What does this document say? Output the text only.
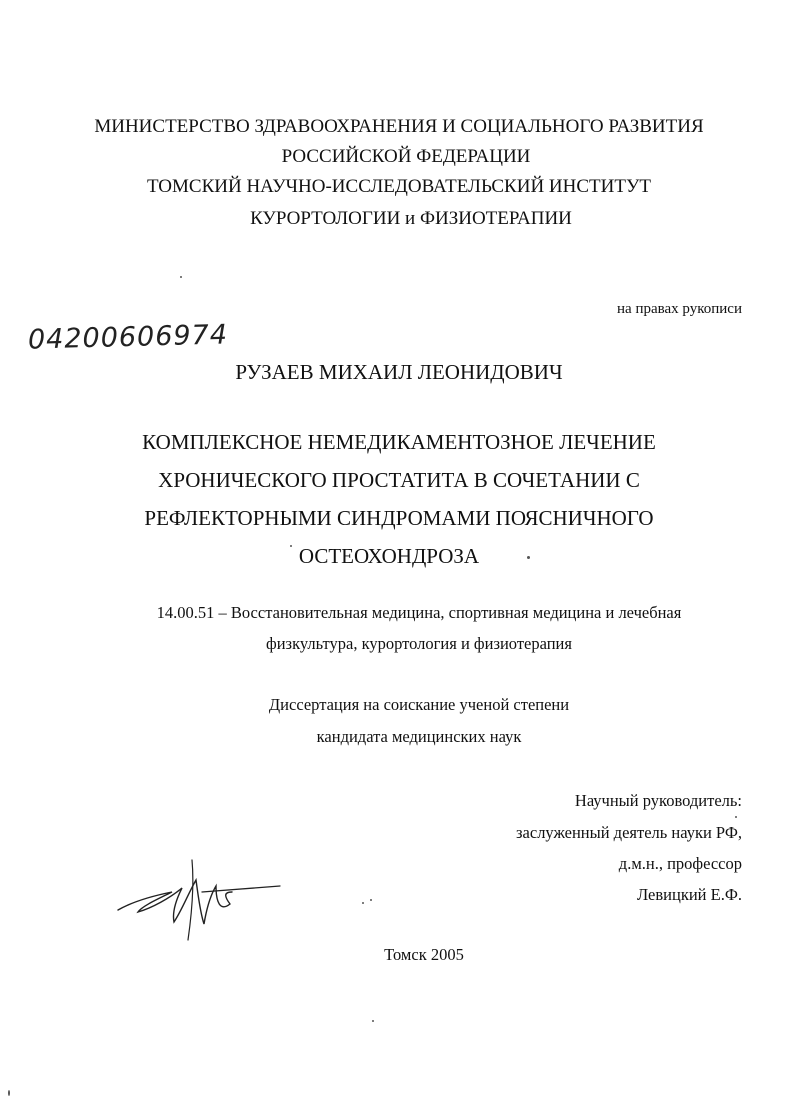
МИНИСТЕРСТВО ЗДРАВООХРАНЕНИЯ И СОЦИАЛЬНОГО РАЗВИТИЯ
РОССИЙСКОЙ ФЕДЕРАЦИИ
ТОМСКИЙ НАУЧНО-ИССЛЕДОВАТЕЛЬСКИЙ ИНСТИТУТ
КУРОРТОЛОГИИ и ФИЗИОТЕРАПИИ
на правах рукописи
04200606974
РУЗАЕВ МИХАИЛ ЛЕОНИДОВИЧ
КОМПЛЕКСНОЕ НЕМЕДИКАМЕНТОЗНОЕ ЛЕЧЕНИЕ
ХРОНИЧЕСКОГО ПРОСТАТИТА В СОЧЕТАНИИ С
РЕФЛЕКТОРНЫМИ СИНДРОМАМИ ПОЯСНИЧНОГО
ОСТЕОХОНДРОЗА
14.00.51 – Восстановительная медицина, спортивная медицина и лечебная
физкультура, курортология и физиотерапия
Диссертация на соискание ученой степени
кандидата медицинских наук
Научный руководитель:
заслуженный деятель науки РФ,
д.м.н., профессор
Левицкий Е.Ф.
Томск 2005
